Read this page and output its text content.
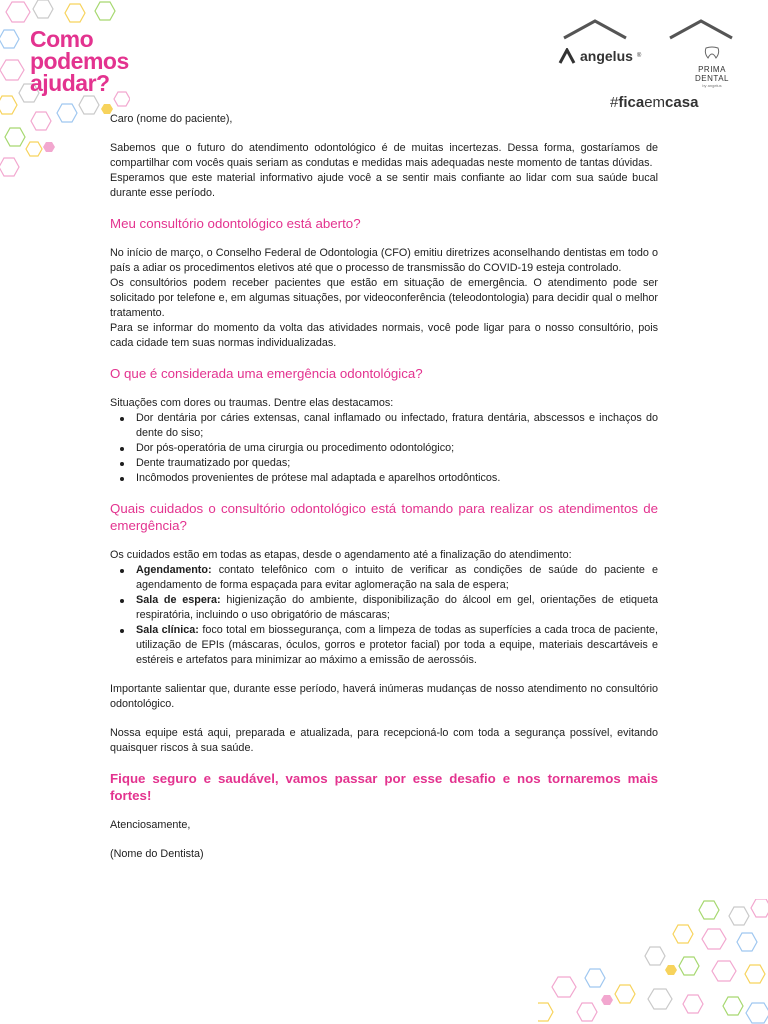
Como
podemos
ajudar?
angelus ®
PRIMA DENTAL
by angelus
#ficaemcasa

Caro (nome do paciente),

Sabemos que o futuro do atendimento odontológico é de muitas incertezas. Dessa forma, gostaríamos de compartilhar com vocês quais seriam as condutas e medidas mais adequadas neste momento de tantas dúvidas.

Esperamos que este material informativo ajude você a se sentir mais confiante ao lidar com sua saúde bucal durante esse período.

Meu consultório odontológico está aberto?

No início de março, o Conselho Federal de Odontologia (CFO) emitiu diretrizes aconselhando dentistas em todo o país a adiar os procedimentos eletivos até que o processo de transmissão do COVID-19 esteja controlado.

Os consultórios podem receber pacientes que estão em situação de emergência. O atendimento pode ser solicitado por telefone e, em algumas situações, por videoconferência (teleodontologia) para decidir qual o melhor tratamento.

Para se informar do momento da volta das atividades normais, você pode ligar para o nosso consultório, pois cada cidade tem suas normas individualizadas.

O que é considerada uma emergência odontológica?

Situações com dores ou traumas. Dentre elas destacamos:

Dor dentária por cáries extensas, canal inflamado ou infectado, fratura dentária, abscessos e inchaços do dente do siso;
Dor pós-operatória de uma cirurgia ou procedimento odontológico;
Dente traumatizado por quedas;
Incômodos provenientes de prótese mal adaptada e aparelhos ortodônticos.
Quais cuidados o consultório odontológico está tomando para realizar os atendimentos de emergência?

Os cuidados estão em todas as etapas, desde o agendamento até a finalização do atendimento:

Agendamento: contato telefônico com o intuito de verificar as condições de saúde do paciente e agendamento de forma espaçada para evitar aglomeração na sala de espera;
Sala de espera: higienização do ambiente, disponibilização do álcool em gel, orientações de etiqueta respiratória, incluindo o uso obrigatório de máscaras;
Sala clínica: foco total em biossegurança, com a limpeza de todas as superfícies a cada troca de paciente, utilização de EPIs (máscaras, óculos, gorros e protetor facial) por toda a equipe, materiais descartáveis e estéreis e artefatos para minimizar ao máximo a emissão de aerossóis.

Importante salientar que, durante esse período, haverá inúmeras mudanças de nosso atendimento no consultório odontológico.

Nossa equipe está aqui, preparada e atualizada, para recepcioná-lo com toda a segurança possível, evitando quaisquer riscos à sua saúde.

Fique seguro e saudável, vamos passar por esse desafio e nos tornaremos mais fortes!

Atenciosamente,

(Nome do Dentista)
